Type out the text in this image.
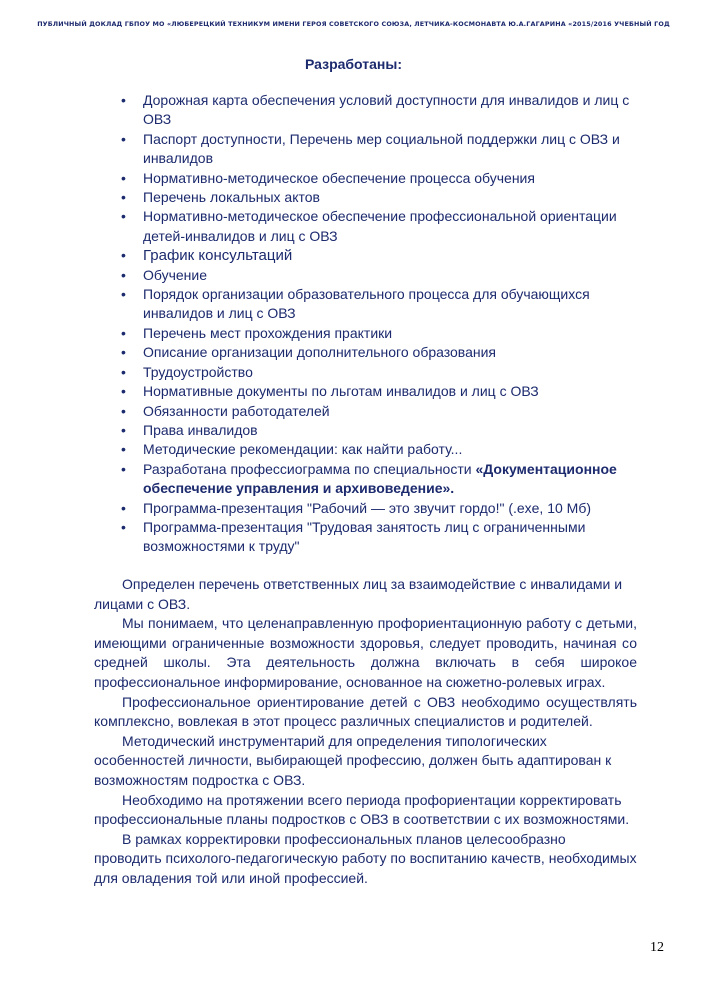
ПУБЛИЧНЫЙ ДОКЛАД ГБПОУ МО «ЛЮБЕРЕЦКИЙ ТЕХНИКУМ ИМЕНИ ГЕРОЯ СОВЕТСКОГО СОЮЗА, ЛЕТЧИКА-КОСМОНАВТА Ю.А.ГАГАРИНА «2015/2016 УЧЕБНЫЙ ГОД
Разработаны:
• Дорожная карта обеспечения условий доступности для инвалидов и лиц с ОВЗ
• Паспорт доступности, Перечень мер социальной поддержки лиц с ОВЗ и инвалидов
• Нормативно-методическое обеспечение процесса обучения
• Перечень локальных актов
• Нормативно-методическое обеспечение профессиональной ориентации детей-инвалидов и лиц с ОВЗ
• График консультаций
• Обучение
• Порядок организации образовательного процесса для обучающихся инвалидов и лиц с ОВЗ
• Перечень мест прохождения практики
• Описание организации дополнительного образования
• Трудоустройство
• Нормативные документы по льготам инвалидов и лиц с ОВЗ
• Обязанности работодателей
• Права инвалидов
• Методические рекомендации: как найти работу...
• Разработана профессиограмма по специальности «Документационное обеспечение управления и архивоведение».
• Программа-презентация "Рабочий — это звучит гордо!" (.exe, 10 Мб)
• Программа-презентация "Трудовая занятость лиц с ограниченными возможностями к труду"

Определен перечень ответственных лиц за взаимодействие с инвалидами и лицами с ОВЗ.

Мы понимаем, что целенаправленную профориентационную работу с детьми, имеющими ограниченные возможности здоровья, следует проводить, начиная со средней школы. Эта деятельность должна включать в себя широкое профессиональное информирование, основанное на сюжетно-ролевых играх.

Профессиональное ориентирование детей с ОВЗ необходимо осуществлять комплексно, вовлекая в этот процесс различных специалистов и родителей.

Методический инструментарий для определения типологических особенностей личности, выбирающей профессию, должен быть адаптирован к возможностям подростка с ОВЗ.

Необходимо на протяжении всего периода профориентации корректировать профессиональные планы подростков с ОВЗ в соответствии с их возможностями.

В рамках корректировки профессиональных планов целесообразно проводить психолого-педагогическую работу по воспитанию качеств, необходимых для овладения той или иной профессией.

12
